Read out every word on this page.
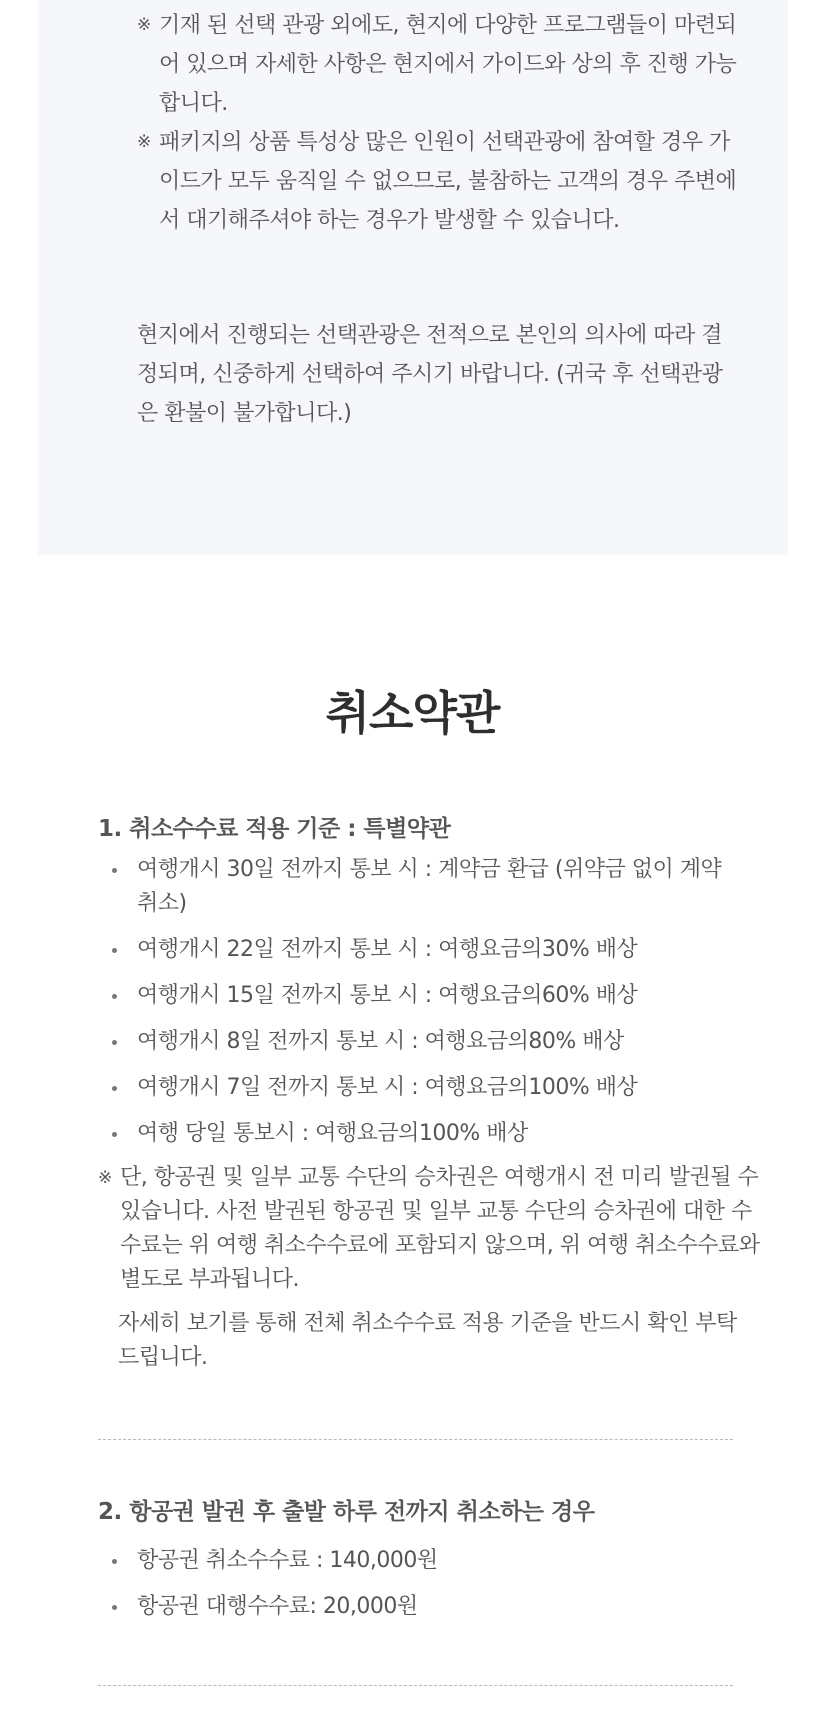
※ 기재 된 선택 관광 외에도, 현지에 다양한 프로그램들이 마련되어 있으며 자세한 사항은 현지에서 가이드와 상의 후 진행 가능합니다.
※ 패키지의 상품 특성상 많은 인원이 선택관광에 참여할 경우 가이드가 모두 움직일 수 없으므로, 불참하는 고객의 경우 주변에서 대기해주셔야 하는 경우가 발생할 수 있습니다.
현지에서 진행되는 선택관광은 전적으로 본인의 의사에 따라 결정되며, 신중하게 선택하여 주시기 바랍니다. (귀국 후 선택관광은 환불이 불가합니다.)
취소약관
1. 취소수수료 적용 기준 : 특별약관
여행개시 30일 전까지 통보 시 : 계약금 환급 (위약금 없이 계약 취소)
여행개시 22일 전까지 통보 시 : 여행요금의30% 배상
여행개시 15일 전까지 통보 시 : 여행요금의60% 배상
여행개시 8일 전까지 통보 시 : 여행요금의80% 배상
여행개시 7일 전까지 통보 시 : 여행요금의100% 배상
여행 당일 통보시 : 여행요금의100% 배상
※ 단, 항공권 및 일부 교통 수단의 승차권은 여행개시 전 미리 발권될 수 있습니다. 사전 발권된 항공권 및 일부 교통 수단의 승차권에 대한 수수료는 위 여행 취소수수료에 포함되지 않으며, 위 여행 취소수수료와 별도로 부과됩니다.
자세히 보기를 통해 전체 취소수수료 적용 기준을 반드시 확인 부탁드립니다.
2. 항공권 발권 후 출발 하루 전까지 취소하는 경우
항공권 취소수수료 : 140,000원
항공권 대행수수료: 20,000원
